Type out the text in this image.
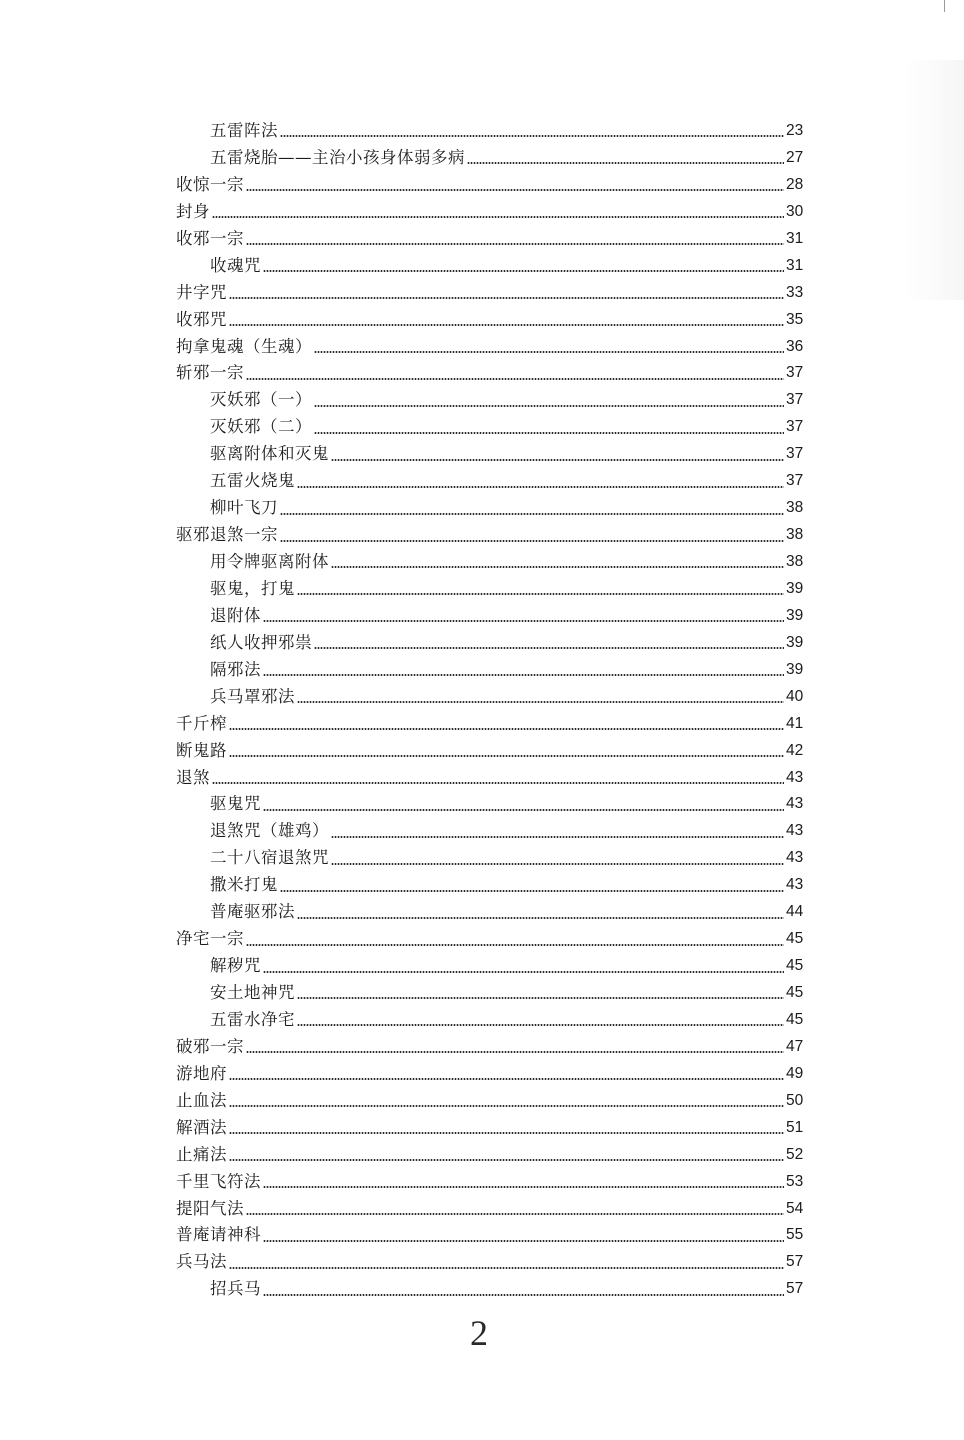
五雷阵法	23
五雷烧胎——主治小孩身体弱多病	27
收惊一宗	28
封身	30
收邪一宗	31
收魂咒	31
井字咒	33
收邪咒	35
拘拿鬼魂（生魂）	36
斩邪一宗	37
灭妖邪（一）	37
灭妖邪（二）	37
驱离附体和灭鬼	37
五雷火烧鬼	37
柳叶飞刀	38
驱邪退煞一宗	38
用令牌驱离附体	38
驱鬼，打鬼	39
退附体	39
纸人收押邪祟	39
隔邪法	39
兵马罩邪法	40
千斤榨	41
断鬼路	42
退煞	43
驱鬼咒	43
退煞咒（雄鸡）	43
二十八宿退煞咒	43
撒米打鬼	43
普庵驱邪法	44
净宅一宗	45
解秽咒	45
安土地神咒	45
五雷水净宅	45
破邪一宗	47
游地府	49
止血法	50
解酒法	51
止痛法	52
千里飞符法	53
提阳气法	54
普庵请神科	55
兵马法	57
招兵马	57
2
